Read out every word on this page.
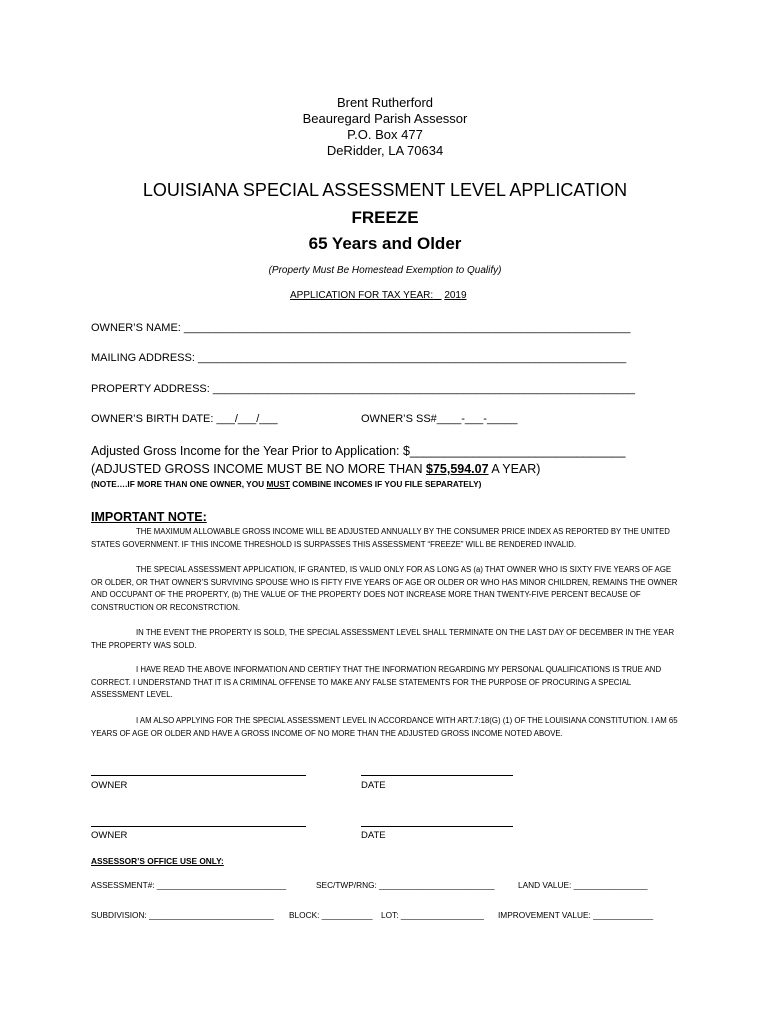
Brent Rutherford
Beauregard Parish Assessor
P.O. Box 477
DeRidder, LA 70634
LOUISIANA SPECIAL ASSESSMENT LEVEL APPLICATION
FREEZE
65 Years and Older
(Property Must Be Homestead Exemption to Qualify)
APPLICATION FOR TAX YEAR: 2019
OWNER’S NAME: _________________________________________________________________________
MAILING ADDRESS: ______________________________________________________________________
PROPERTY ADDRESS: _____________________________________________________________________
OWNER’S BIRTH DATE: ___/___/___	OWNER’S SS#____-___-_____
Adjusted Gross Income for the Year Prior to Application: $_______________________________
(ADJUSTED GROSS INCOME MUST BE NO MORE THAN $75,594.07 A YEAR)
(NOTE….IF MORE THAN ONE OWNER, YOU MUST COMBINE INCOMES IF YOU FILE SEPARATELY)
IMPORTANT NOTE:
THE MAXIMUM ALLOWABLE GROSS INCOME WILL BE ADJUSTED ANNUALLY BY THE CONSUMER PRICE INDEX AS REPORTED BY THE UNITED STATES GOVERNMENT. IF THIS INCOME THRESHOLD IS SURPASSES THIS ASSESSMENT “FREEZE” WILL BE RENDERED INVALID.
THE SPECIAL ASSESSMENT APPLICATION, IF GRANTED, IS VALID ONLY FOR AS LONG AS (a) THAT OWNER WHO IS SIXTY FIVE YEARS OF AGE OR OLDER, OR THAT OWNER’S SURVIVING SPOUSE WHO IS FIFTY FIVE YEARS OF AGE OR OLDER OR WHO HAS MINOR CHILDREN, REMAINS THE OWNER AND OCCUPANT OF THE PROPERTY, (b) THE VALUE OF THE PROPERTY DOES NOT INCREASE MORE THAN TWENTY-FIVE PERCENT BECAUSE OF CONSTRUCTION OR RECONSTRCTION.
IN THE EVENT THE PROPERTY IS SOLD, THE SPECIAL ASSESSMENT LEVEL SHALL TERMINATE ON THE LAST DAY OF DECEMBER IN THE YEAR THE PROPERTY WAS SOLD.
I HAVE READ THE ABOVE INFORMATION AND CERTIFY THAT THE INFORMATION REGARDING MY PERSONAL QUALIFICATIONS IS TRUE AND CORRECT. I UNDERSTAND THAT IT IS A CRIMINAL OFFENSE TO MAKE ANY FALSE STATEMENTS FOR THE PURPOSE OF PROCURING A SPECIAL ASSESSMENT LEVEL.
I AM ALSO APPLYING FOR THE SPECIAL ASSESSMENT LEVEL IN ACCORDANCE WITH ART.7:18(G) (1) OF THE LOUISIANA CONSTITUTION. I AM 65 YEARS OF AGE OR OLDER AND HAVE A GROSS INCOME OF NO MORE THAN THE ADJUSTED GROSS INCOME NOTED ABOVE.
OWNER	DATE
OWNER	DATE
ASSESSOR’S OFFICE USE ONLY:
ASSESSMENT#: ____________________________	SEC/TWP/RNG: _________________________	LAND VALUE: ________________
SUBDIVISION: ___________________________ BLOCK: ___________ LOT: __________________ IMPROVEMENT VALUE: _____________
